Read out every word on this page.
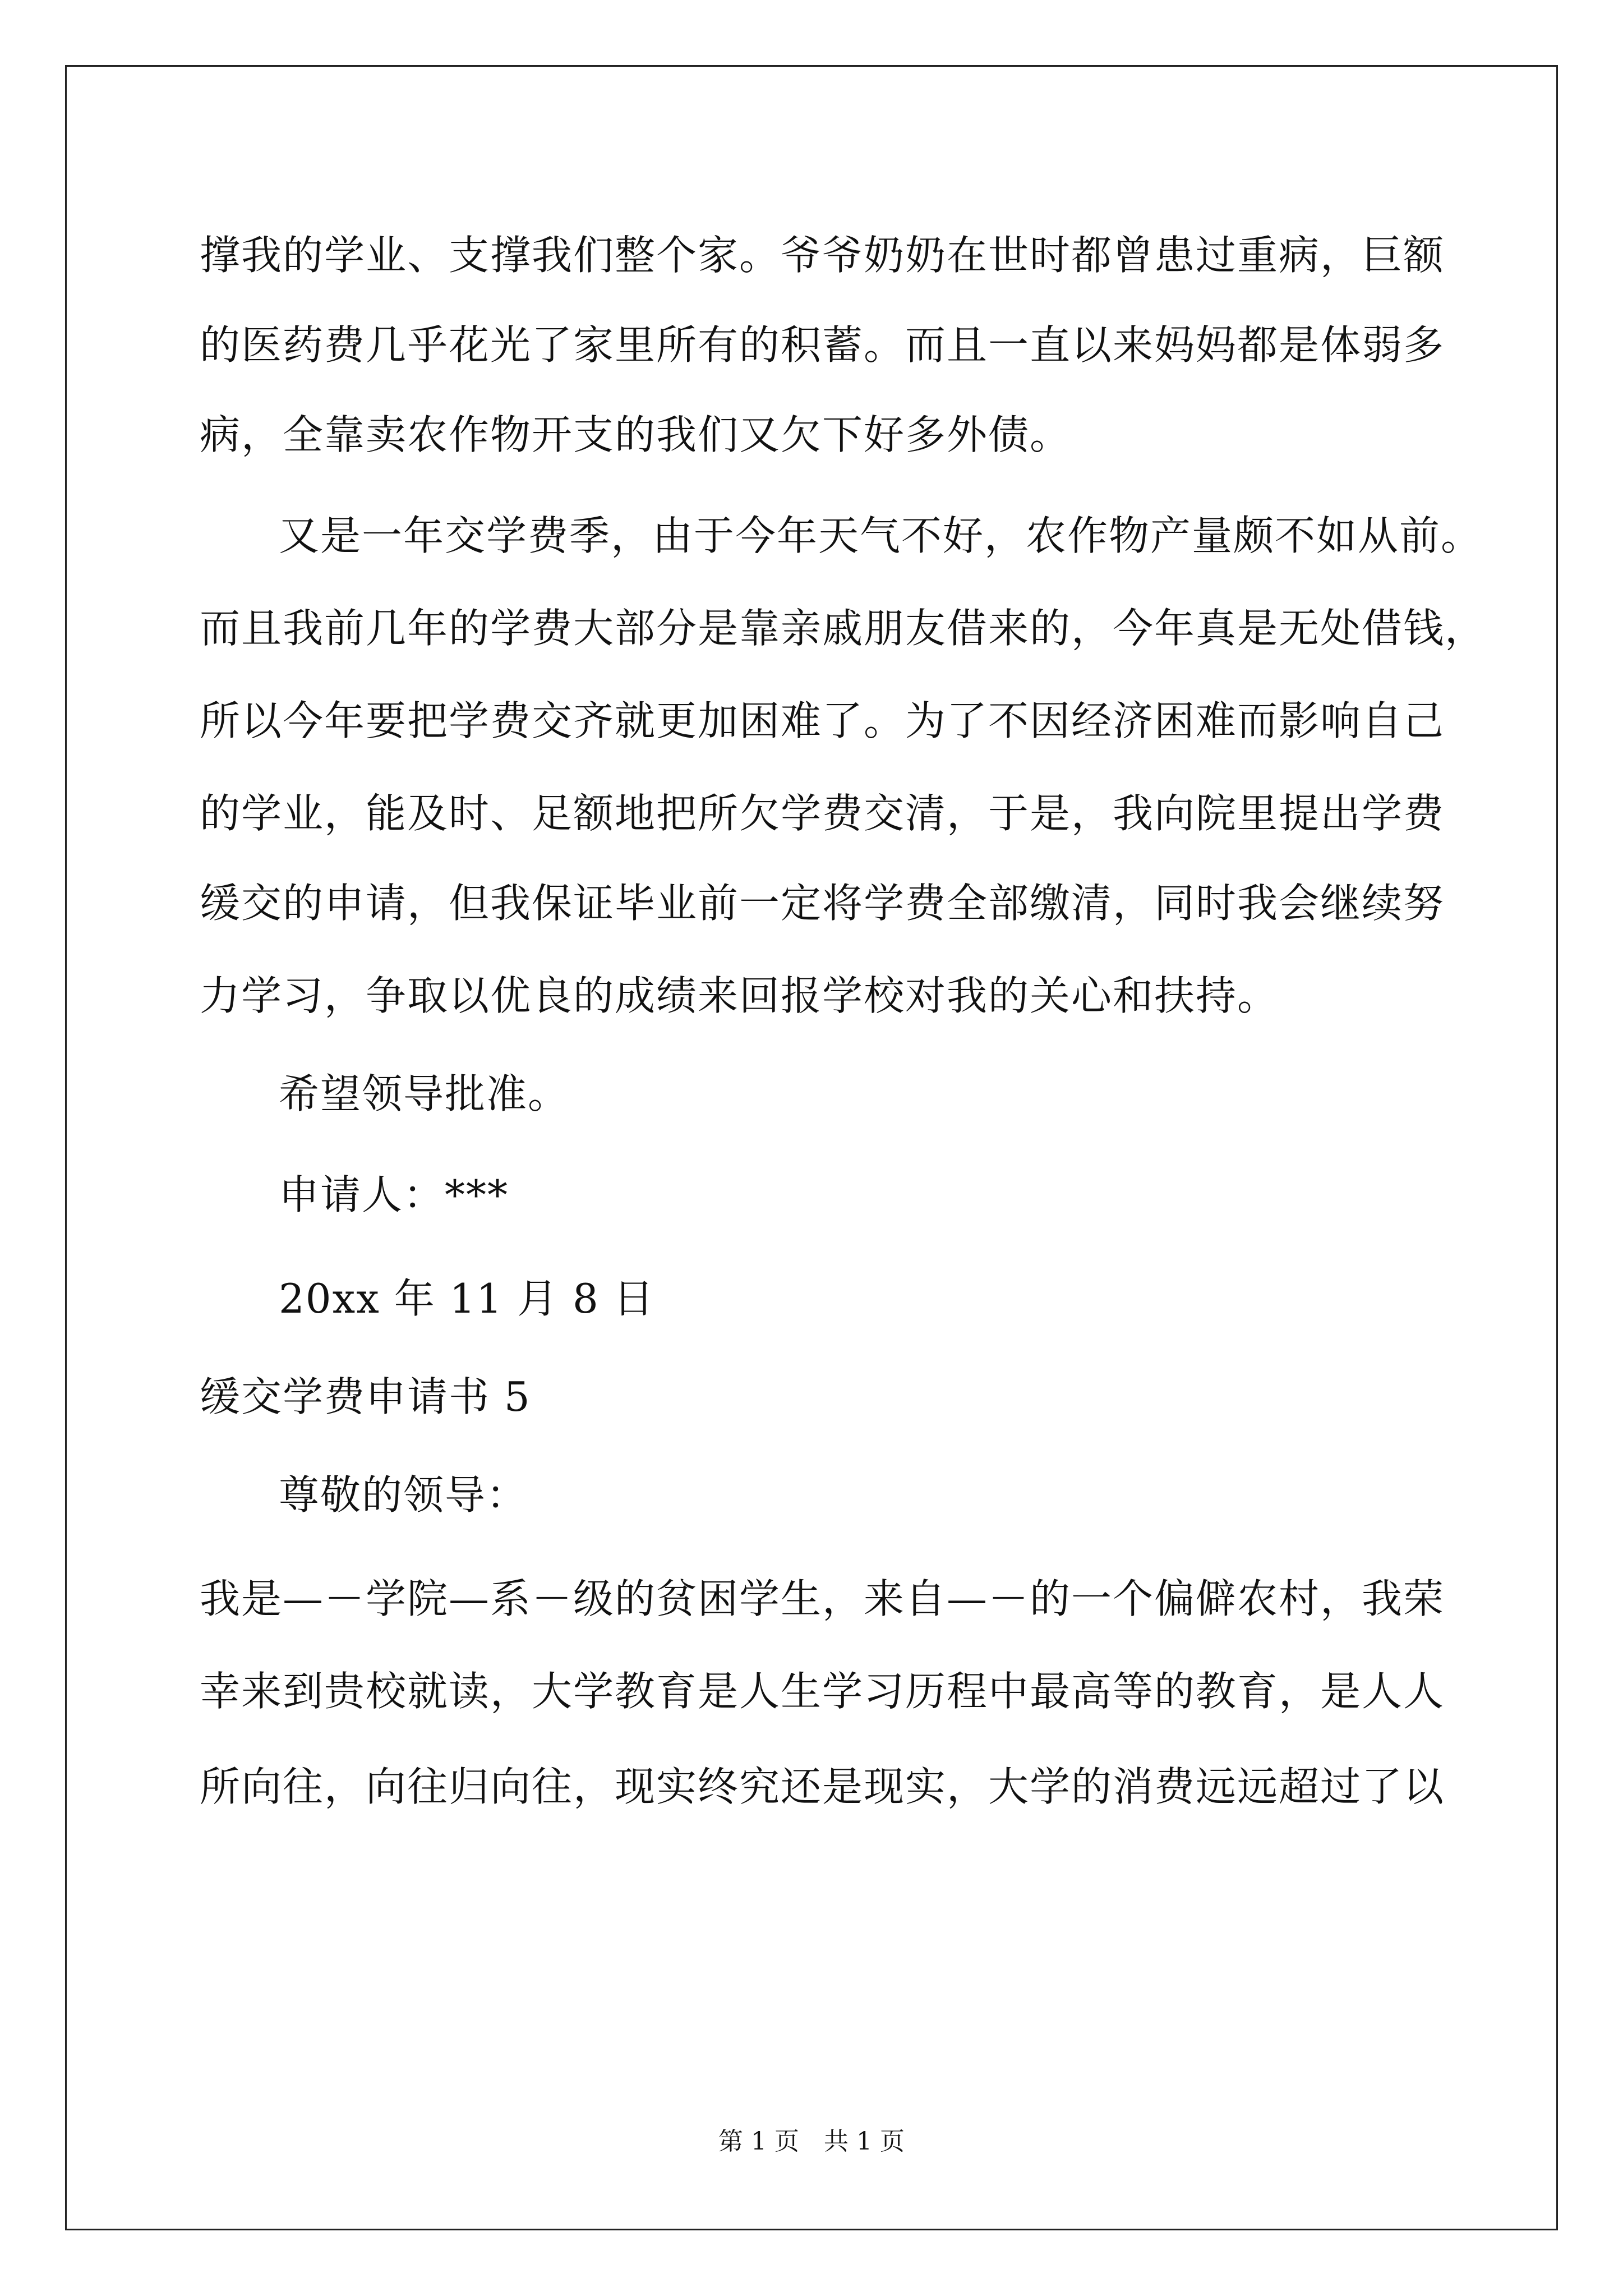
撑我的学业、支撑我们整个家。爷爷奶奶在世时都曾患过重病，巨额
的医药费几乎花光了家里所有的积蓄。而且一直以来妈妈都是体弱多
病，全靠卖农作物开支的我们又欠下好多外债。
又是一年交学费季，由于今年天气不好，农作物产量颇不如从前。
而且我前几年的学费大部分是靠亲戚朋友借来的，今年真是无处借钱，
所以今年要把学费交齐就更加困难了。为了不因经济困难而影响自己
的学业，能及时、足额地把所欠学费交清，于是，我向院里提出学费
缓交的申请，但我保证毕业前一定将学费全部缴清，同时我会继续努
力学习，争取以优良的成绩来回报学校对我的关心和扶持。
希望领导批准。
申请人：***
20xx 年 11 月 8 日
缓交学费申请书 5
尊敬的领导：
我是—－学院—系－级的贫困学生，来自—－的一个偏僻农村，我荣
幸来到贵校就读，大学教育是人生学习历程中最高等的教育，是人人
所向往，向往归向往，现实终究还是现实，大学的消费远远超过了以
第 1 页　共 1 页
